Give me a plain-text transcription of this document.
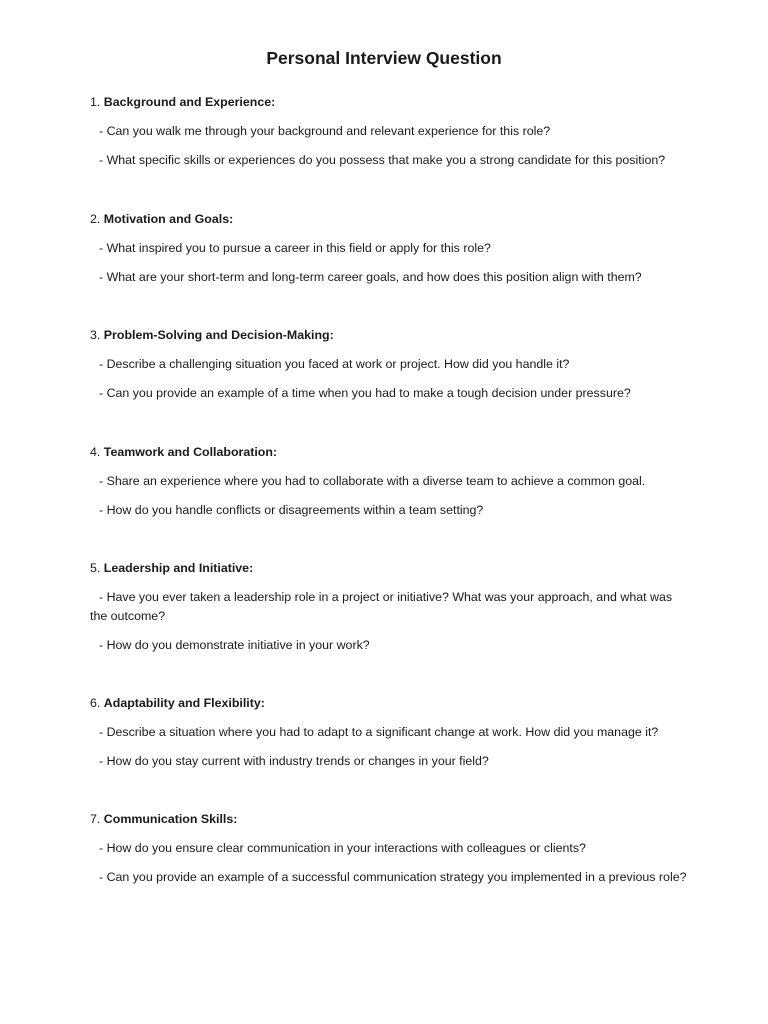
Personal Interview Question

1. Background and Experience:

- Can you walk me through your background and relevant experience for this role?

- What specific skills or experiences do you possess that make you a strong candidate for this position?

2. Motivation and Goals:

- What inspired you to pursue a career in this field or apply for this role?

- What are your short-term and long-term career goals, and how does this position align with them?

3. Problem-Solving and Decision-Making:

- Describe a challenging situation you faced at work or project. How did you handle it?

- Can you provide an example of a time when you had to make a tough decision under pressure?

4. Teamwork and Collaboration:

- Share an experience where you had to collaborate with a diverse team to achieve a common goal.

- How do you handle conflicts or disagreements within a team setting?

5. Leadership and Initiative:

- Have you ever taken a leadership role in a project or initiative? What was your approach, and what was the outcome?

- How do you demonstrate initiative in your work?

6. Adaptability and Flexibility:

- Describe a situation where you had to adapt to a significant change at work. How did you manage it?

- How do you stay current with industry trends or changes in your field?

7. Communication Skills:

- How do you ensure clear communication in your interactions with colleagues or clients?

- Can you provide an example of a successful communication strategy you implemented in a previous role?
